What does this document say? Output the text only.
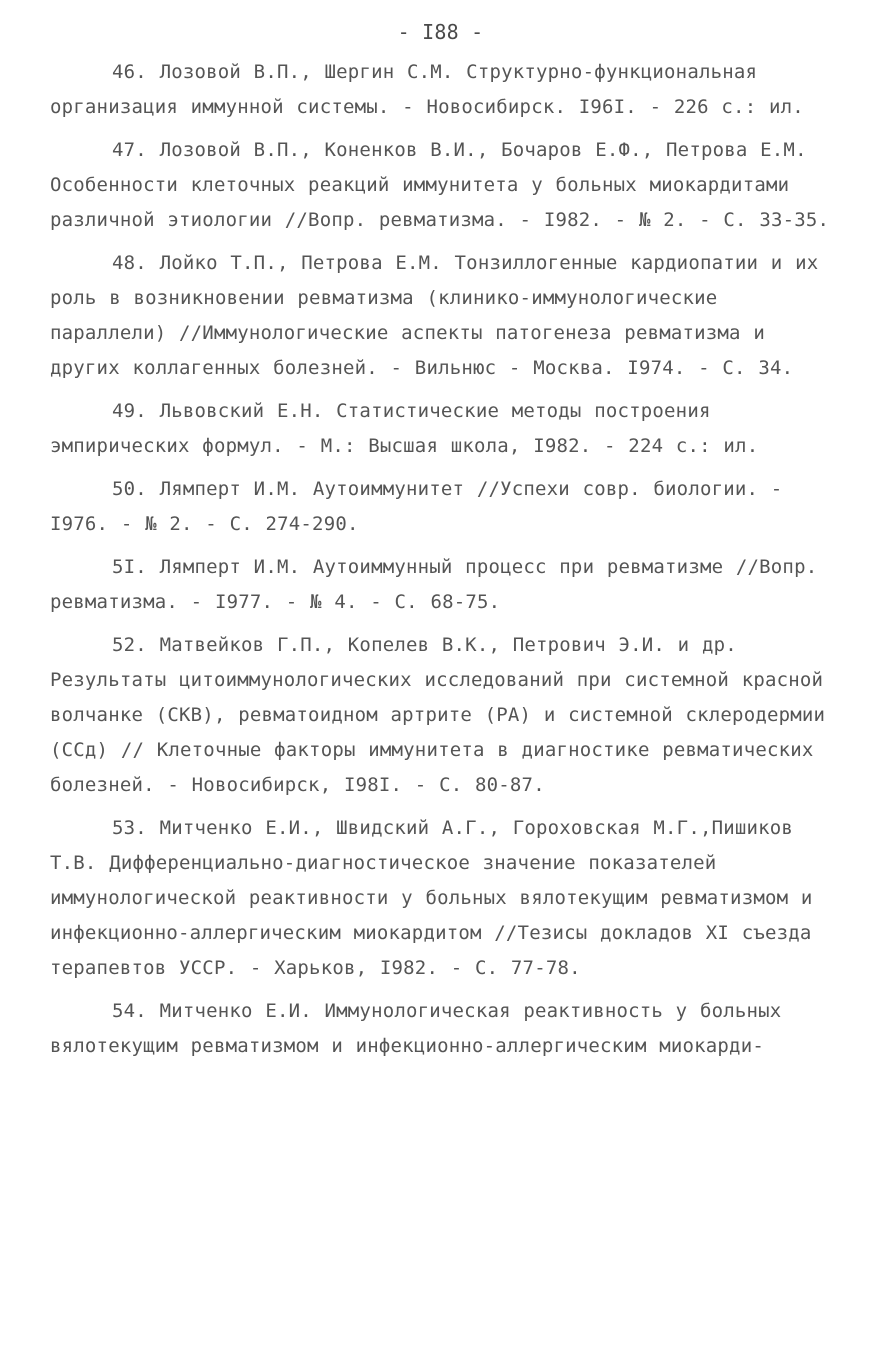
- I88 -
46. Лозовой В.П., Шергин С.М. Структурно-функциональная организация иммунной системы. - Новосибирск. I96I. - 226 с.: ил.
47. Лозовой В.П., Коненков В.И., Бочаров Е.Ф., Петрова Е.М. Особенности клеточных реакций иммунитета у больных миокардитами различной этиологии //Вопр. ревматизма. - I982. - № 2. - С. 33-35.
48. Лойко Т.П., Петрова Е.М. Тонзиллогенные кардиопатии и их роль в возникновении ревматизма (клинико-иммунологические параллели) //Иммунологические аспекты патогенеза ревматизма и других коллагенных болезней. - Вильнюс - Москва. I974. - С. 34.
49. Львовский Е.Н. Статистические методы построения эмпирических формул. - М.: Высшая школа, I982. - 224 с.: ил.
50. Лямперт И.М. Аутоиммунитет //Успехи совр. биологии. - I976. - № 2. - С. 274-290.
5I. Лямперт И.М. Аутоиммунный процесс при ревматизме //Вопр. ревматизма. - I977. - № 4. - С. 68-75.
52. Матвейков Г.П., Копелев В.К., Петрович Э.И. и др. Результаты цитоиммунологических исследований при системной красной волчанке (СКВ), ревматоидном артрите (РА) и системной склеродермии (ССд) // Клеточные факторы иммунитета в диагностике ревматических болезней. - Новосибирск, I98I. - С. 80-87.
53. Митченко Е.И., Швидский А.Г., Гороховская М.Г.,Пишиков Т.В. Дифференциально-диагностическое значение показателей иммунологической реактивности у больных вялотекущим ревматизмом и инфекционно-аллергическим миокардитом //Тезисы докладов XI съезда терапевтов УССР. - Харьков, I982. - С. 77-78.
54. Митченко Е.И. Иммунологическая реактивность у больных вялотекущим ревматизмом и инфекционно-аллергическим миокарди-
